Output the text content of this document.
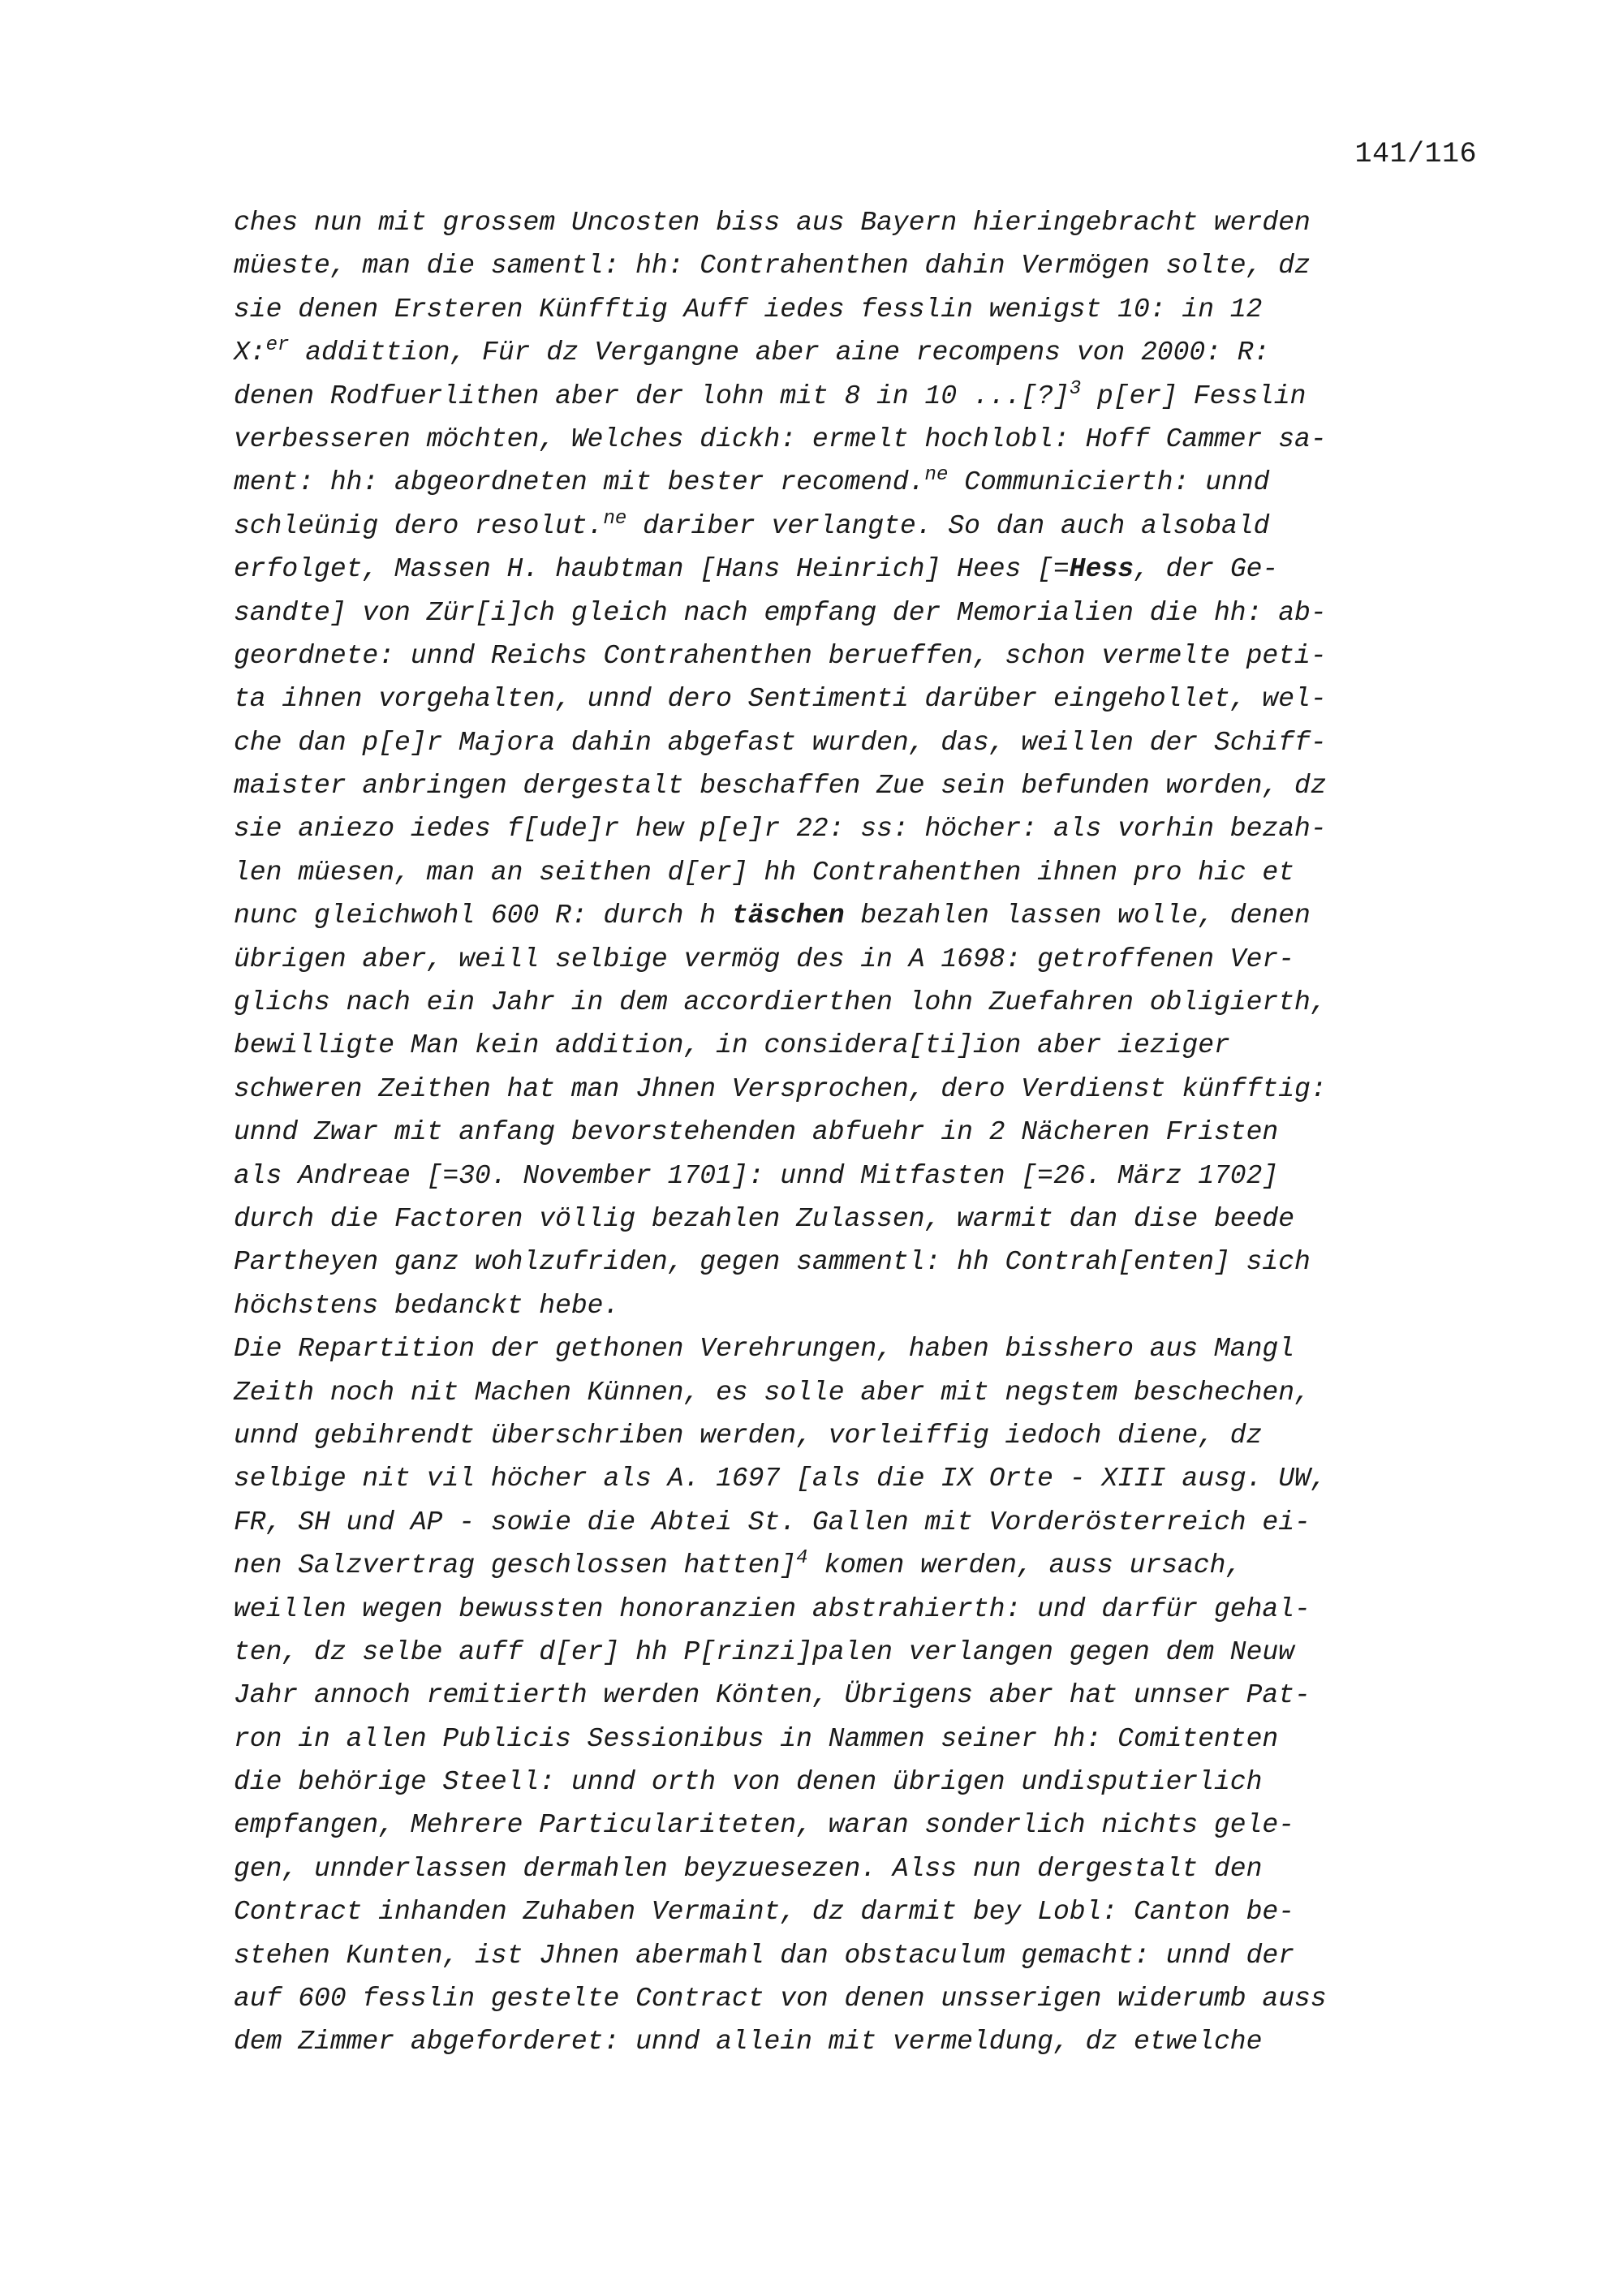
141/116
ches nun mit grossem Uncosten biss aus Bayern hieringebracht werden
müeste, man die samentl: hh: Contrahenthen dahin Vermögen solte, dz
sie denen Ersteren Künfftig Auff iedes fesslin wenigst 10: in 12
X:$^{er}$ addittion, Für dz Vergangne aber aine recompens von 2000: R:
denen Rodfuerlithen aber der lohn mit 8 in 10 ...[?]$^3$ p[er] Fesslin
verbesseren möchten, Welches dickh: ermelt hochlobl: Hoff Cammer sa-
ment: hh: abgeordneten mit bester recomend.$^{ne}$ Communicierth: unnd
schleünig dero resolut.$^{ne}$ dariber verlangte. So dan auch alsobald
erfolget, Massen H. haubtman [Hans Heinrich] Hees [=Hess, der Ge-
sandte] von Zür[i]ch gleich nach empfang der Memorialien die hh: ab-
geordnete: unnd Reichs Contrahenthen berueffen, schon vermelte peti-
ta ihnen vorgehalten, unnd dero Sentimenti darüber eingehollet, wel-
che dan p[e]r Majora dahin abgefast wurden, das, weillen der Schiff-
maister anbringen dergestalt beschaffen Zue sein befunden worden, dz
sie aniezo iedes f[ude]r hew p[e]r 22: ss: höcher: als vorhin bezah-
len müesen, man an seithen d[er] hh Contrahenthen ihnen pro hic et
nunc gleichwohl 600 R: durch h täschen bezahlen lassen wolle, denen
übrigen aber, weill selbige vermög des in A 1698: getroffenen Ver-
glichs nach ein Jahr in dem accordierthen lohn Zuefahren obligierth,
bewilligte Man kein addition, in considera[ti]ion aber ieziger
schweren Zeithen hat man Jhnen Versprochen, dero Verdienst künfftig:
unnd Zwar mit anfang bevorstehenden abfuehr in 2 Nächeren Fristen
als Andreae [=30. November 1701]: unnd Mitfasten [=26. März 1702]
durch die Factoren völlig bezahlen Zulassen, warmit dan dise beede
Partheyen ganz wohlzufriden, gegen sammentl: hh Contrah[enten] sich
höchstens bedanckt hebe.
Die Repartition der gethonen Verehrungen, haben bisshero aus Mangl
Zeith noch nit Machen Künnen, es solle aber mit negstem beschechen,
unnd gebihrendt überschriben werden, vorleiffig iedoch diene, dz
selbige nit vil höcher als A. 1697 [als die IX Orte - XIII ausg. UW,
FR, SH und AP - sowie die Abtei St. Gallen mit Vorderösterreich ei-
nen Salzvertrag geschlossen hatten]$^4$ komen werden, auss ursach,
weillen wegen bewussten honoranzien abstrahierth: und darfür gehal-
ten, dz selbe auff d[er] hh P[rinzi]palen verlangen gegen dem Neuw
Jahr annoch remitierth werden Könten, Übrigens aber hat unnser Pat-
ron in allen Publicis Sessionibus in Nammen seiner hh: Comitenten
die behörige Steell: unnd orth von denen übrigen undisputierlich
empfangen, Mehrere Particulariteten, waran sonderlich nichts gele-
gen, unnderlassen dermahlen beyzuesezen. Alss nun dergestalt den
Contract inhanden Zuhaben Vermaint, dz darmit bey Lobl: Canton be-
stehen Kunten, ist Jhnen abermahl dan obstaculum gemacht: unnd der
auf 600 fesslin gestelte Contract von denen unsserigen widerumb auss
dem Zimmer abgeforderet: unnd allein mit vermeldung, dz etwelche
